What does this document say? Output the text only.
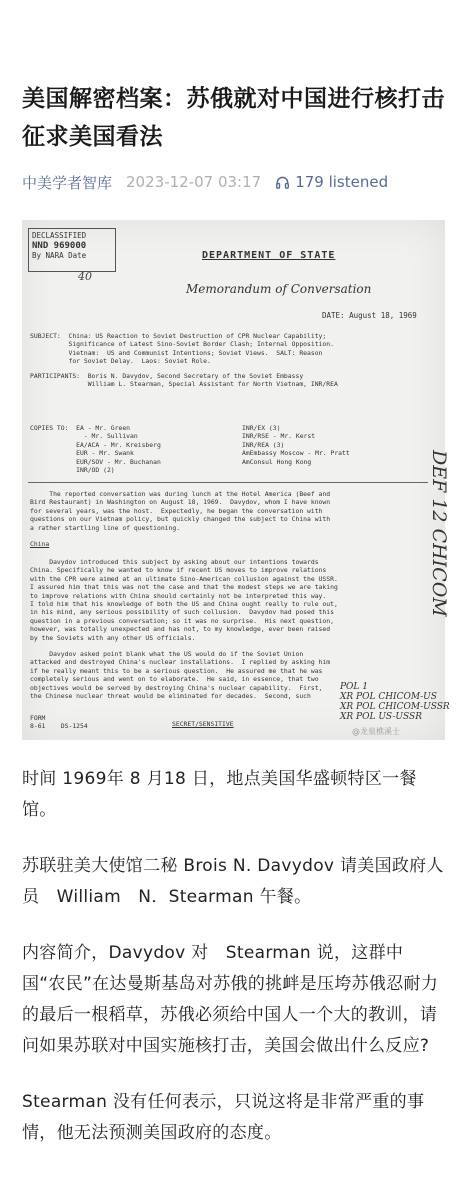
美国解密档案：苏俄就对中国进行核打击征求美国看法
中美学者智库 2023-12-07 03:17 179 listened
DECLASSIFIED
NND 969000
By NARA Date
40
DEPARTMENT OF STATE
Memorandum of Conversation
DATE: August 18, 1969
SUBJECT:  China: US Reaction to Soviet Destruction of CPR Nuclear Capability;
Significance of Latest Sino-Soviet Border Clash; Internal Opposition.
Vietnam:  US and Communist Intentions; Soviet Views.  SALT: Reason
for Soviet Delay.  Laos: Soviet Role.
PARTICIPANTS:  Boris N. Davydov, Second Secretary of the Soviet Embassy
William L. Stearman, Special Assistant for North Vietnam, INR/REA
COPIES TO:  EA - Mr. Green
- Mr. Sullivan
EA/ACA - Mr. Kreisberg
EUR - Mr. Swank
EUR/SOV - Mr. Buchanan
INR/OD (2)
INR/EX (3)
INR/RSE - Mr. Kerst
INR/REA (3)
AmEmbassy Moscow - Mr. Pratt
AmConsul Hong Kong
The reported conversation was during lunch at the Hotel America (Beef and
Bird Restaurant) in Washington on August 18, 1969.  Davydov, whom I have known
for several years, was the host.  Expectedly, he began the conversation with
questions on our Vietnam policy, but quickly changed the subject to China with
a rather startling line of questioning.
China
Davydov introduced this subject by asking about our intentions towards
China. Specifically he wanted to know if recent US moves to improve relations
with the CPR were aimed at an ultimate Sino-American collusion against the USSR.
I assured him that this was not the case and that the modest steps we are taking
to improve relations with China should certainly not be interpreted this way.
I told him that his knowledge of both the US and China ought really to rule out,
in his mind, any serious possibility of such collusion.  Davydov had posed this
question in a previous conversation; so it was no surprise.  His next question,
however, was totally unexpected and has not, to my knowledge, ever been raised
by the Soviets with any other US officials.
Davydov asked point blank what the US would do if the Soviet Union
attacked and destroyed China's nuclear installations.  I replied by asking him
if he really meant this to be a serious question.  He assured me that he was
completely serious and went on to elaborate.  He said, in essence, that two
objectives would be served by destroying China's nuclear capability.  First,
the Chinese nuclear threat would be eliminated for decades.  Second, such
FORM
8-61    DS-1254	SECRET/SENSITIVE
DEF 12 CHICOM
POL 1
XR POL CHICOM-US
XR POL CHICOM-USSR
XR POL US-USSR
@龙泉樵溪士

时间 1969年 8 月18 日，地点美国华盛顿特区一餐馆。

苏联驻美大使馆二秘 Brois N. Davydov 请美国政府人员　William　N．Stearman 午餐。

内容简介，Davydov 对　Stearman 说，这群中国“农民”在达曼斯基岛对苏俄的挑衅是压垮苏俄忍耐力的最后一根稻草，苏俄必须给中国人一个大的教训，请问如果苏联对中国实施核打击，美国会做出什么反应?

Stearman 没有任何表示，只说这将是非常严重的事情，他无法预测美国政府的态度。
